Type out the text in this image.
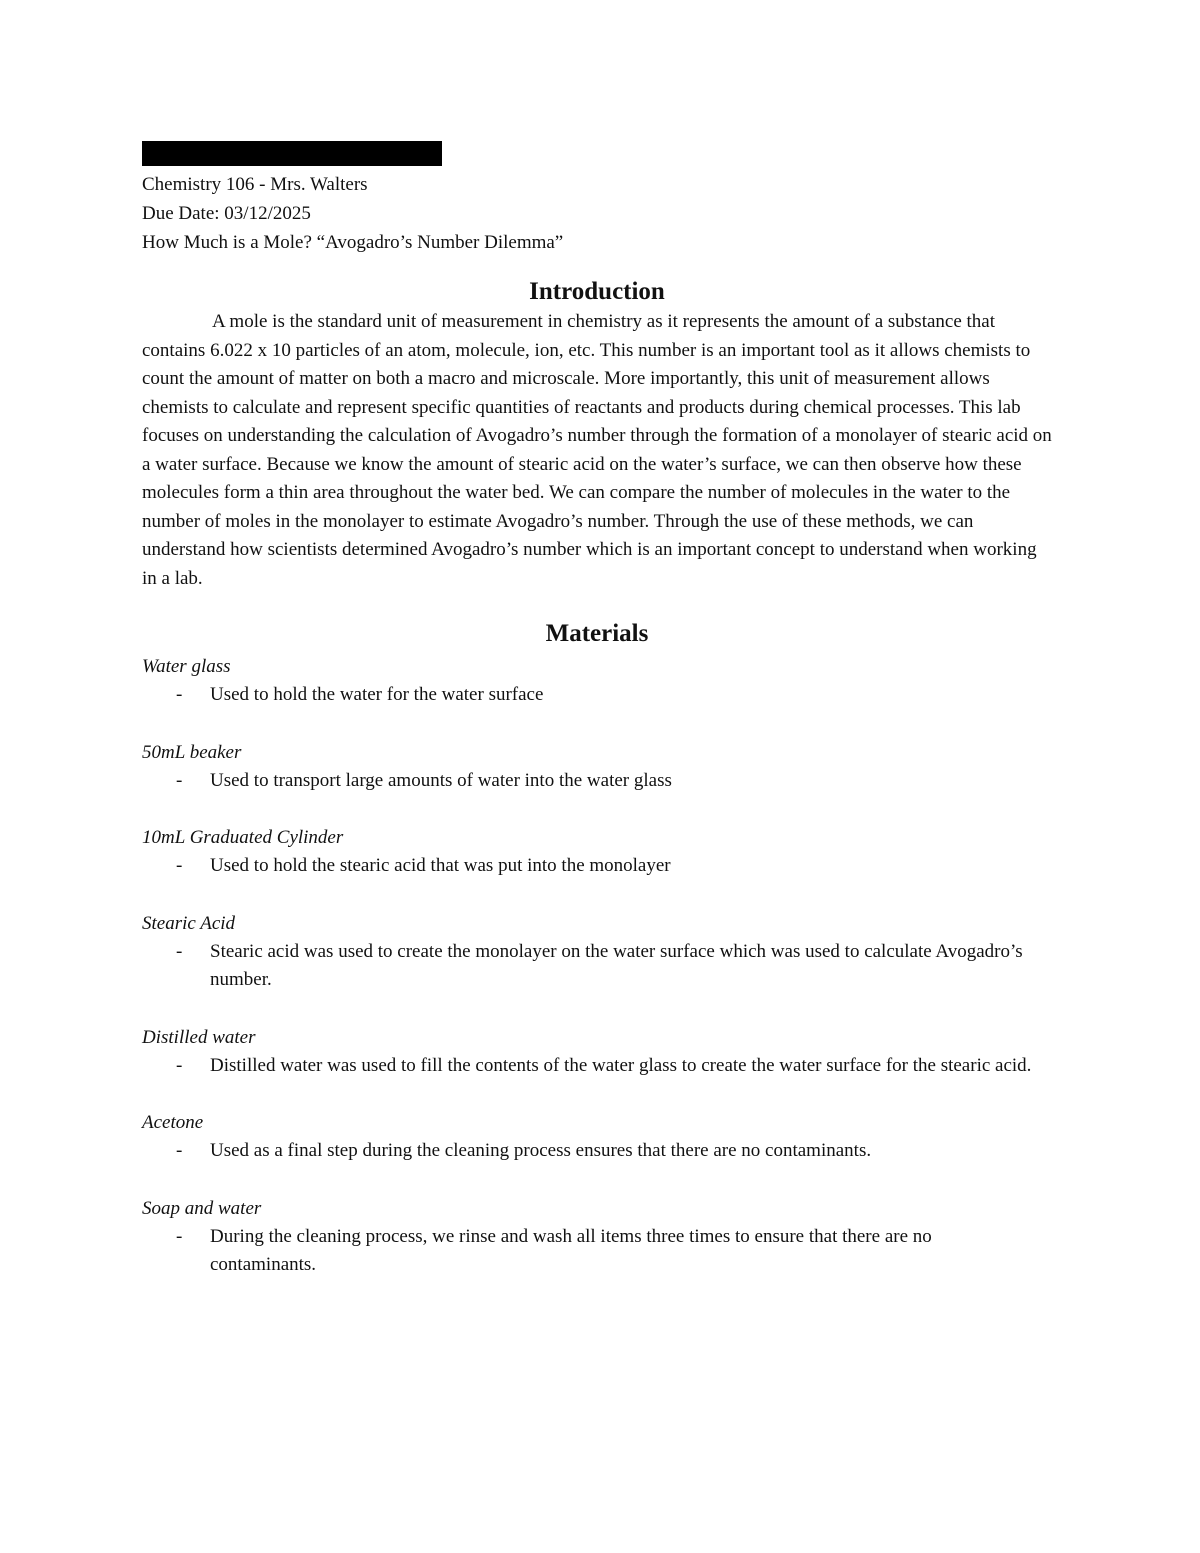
Chemistry 106 - Mrs. Walters
Due Date: 03/12/2025
How Much is a Mole? “Avogadro’s Number Dilemma”
Introduction

A mole is the standard unit of measurement in chemistry as it represents the amount of a substance that contains 6.022 x 10 particles of an atom, molecule, ion, etc. This number is an important tool as it allows chemists to count the amount of matter on both a macro and microscale. More importantly, this unit of measurement allows chemists to calculate and represent specific quantities of reactants and products during chemical processes. This lab focuses on understanding the calculation of Avogadro’s number through the formation of a monolayer of stearic acid on a water surface. Because we know the amount of stearic acid on the water’s surface, we can then observe how these molecules form a thin area throughout the water bed. We can compare the number of molecules in the water to the number of moles in the monolayer to estimate Avogadro’s number. Through the use of these methods, we can understand how scientists determined Avogadro’s number which is an important concept to understand when working in a lab.

Materials
Water glass
-	Used to hold the water for the water surface
50mL beaker
-	Used to transport large amounts of water into the water glass
10mL Graduated Cylinder
-	Used to hold the stearic acid that was put into the monolayer
Stearic Acid
-	Stearic acid was used to create the monolayer on the water surface which was used to calculate Avogadro’s number.
Distilled water
-	Distilled water was used to fill the contents of the water glass to create the water surface for the stearic acid.
Acetone
-	Used as a final step during the cleaning process ensures that there are no contaminants.
Soap and water
-	During the cleaning process, we rinse and wash all items three times to ensure that there are no contaminants.
